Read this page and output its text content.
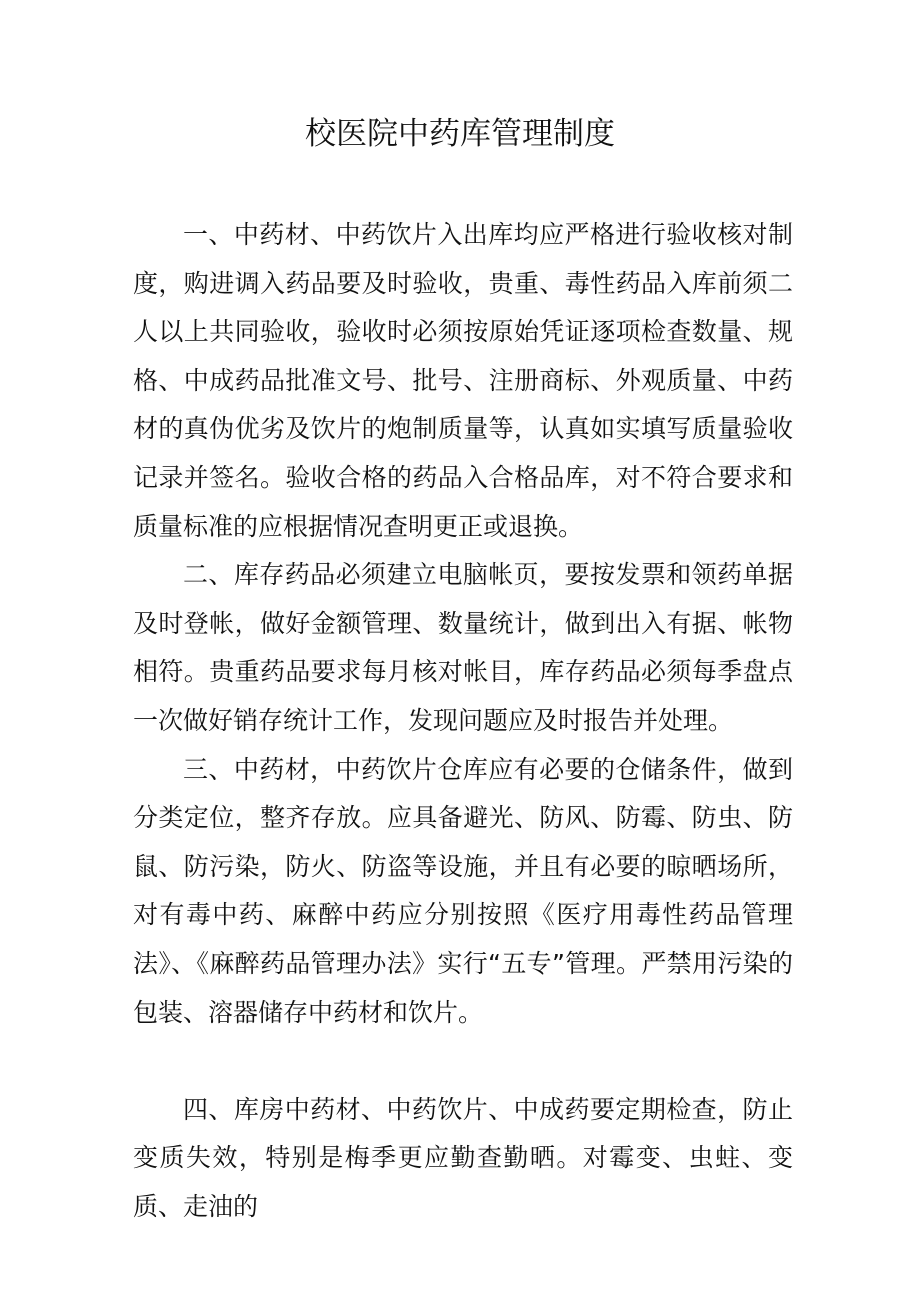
校医院中药库管理制度

一、中药材、中药饮片入出库均应严格进行验收核对制度，购进调入药品要及时验收，贵重、毒性药品入库前须二人以上共同验收，验收时必须按原始凭证逐项检查数量、规格、中成药品批准文号、批号、注册商标、外观质量、中药材的真伪优劣及饮片的炮制质量等，认真如实填写质量验收记录并签名。验收合格的药品入合格品库，对不符合要求和质量标准的应根据情况查明更正或退换。

二、库存药品必须建立电脑帐页，要按发票和领药单据及时登帐，做好金额管理、数量统计，做到出入有据、帐物相符。贵重药品要求每月核对帐目，库存药品必须每季盘点一次做好销存统计工作，发现问题应及时报告并处理。

三、中药材，中药饮片仓库应有必要的仓储条件，做到分类定位，整齐存放。应具备避光、防风、防霉、防虫、防鼠、防污染，防火、防盗等设施，并且有必要的晾晒场所，对有毒中药、麻醉中药应分别按照《医疗用毒性药品管理法》、《麻醉药品管理办法》实行“五专”管理。严禁用污染的包装、溶器储存中药材和饮片。

四、库房中药材、中药饮片、中成药要定期检查，防止变质失效，特别是梅季更应勤查勤晒。对霉变、虫蛀、变质、走油的
